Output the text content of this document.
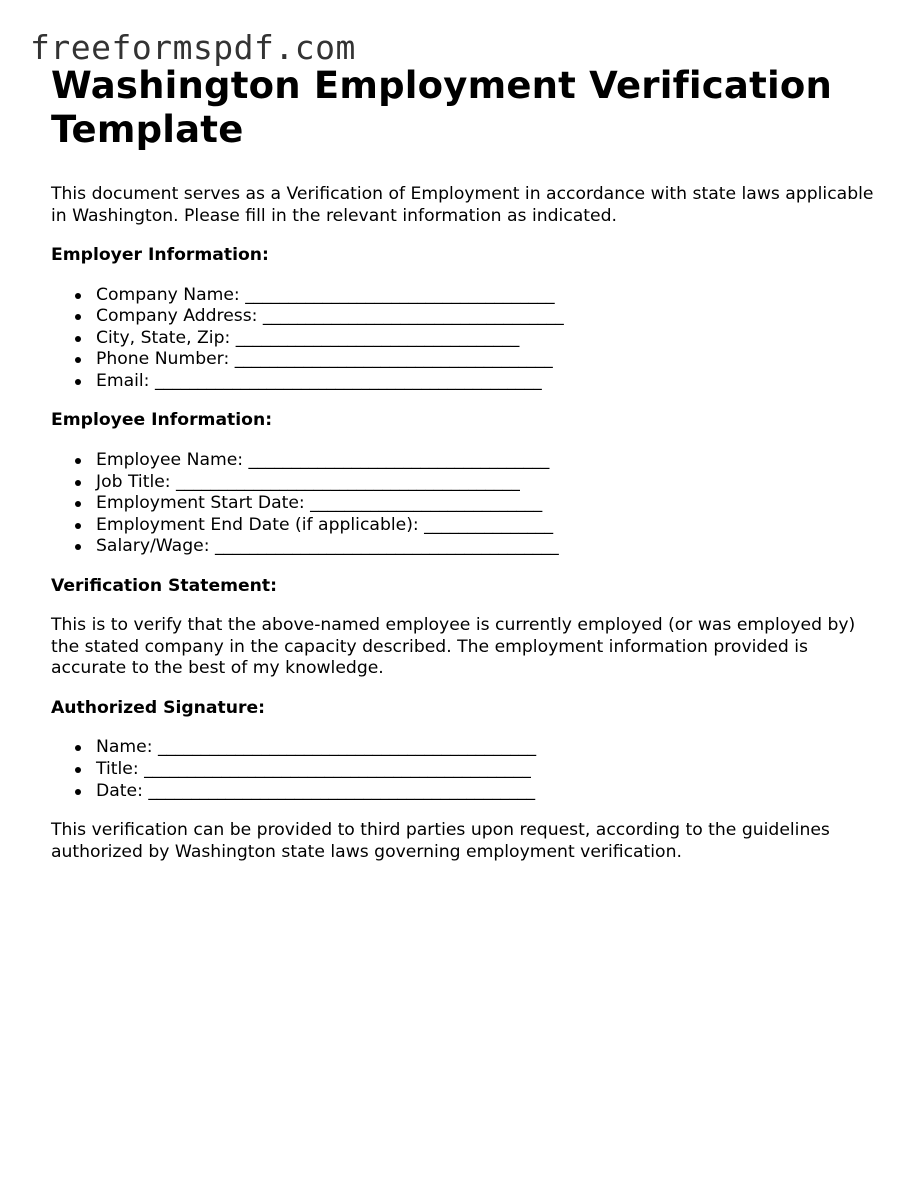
freeformspdf.com
Washington Employment Verification Template

This document serves as a Verification of Employment in accordance with state laws applicable in Washington. Please fill in the relevant information as indicated.

Employer Information:
Company Name: ____________________________________
Company Address: ___________________________________
City, State, Zip: _________________________________
Phone Number: _____________________________________
Email: _____________________________________________
Employee Information:
Employee Name: ___________________________________
Job Title: ________________________________________
Employment Start Date: ___________________________
Employment End Date (if applicable): _______________
Salary/Wage: ________________________________________
Verification Statement:

This is to verify that the above-named employee is currently employed (or was employed by) the stated company in the capacity described. The employment information provided is accurate to the best of my knowledge.

Authorized Signature:
Name: ____________________________________________
Title: _____________________________________________
Date: _____________________________________________

This verification can be provided to third parties upon request, according to the guidelines authorized by Washington state laws governing employment verification.
